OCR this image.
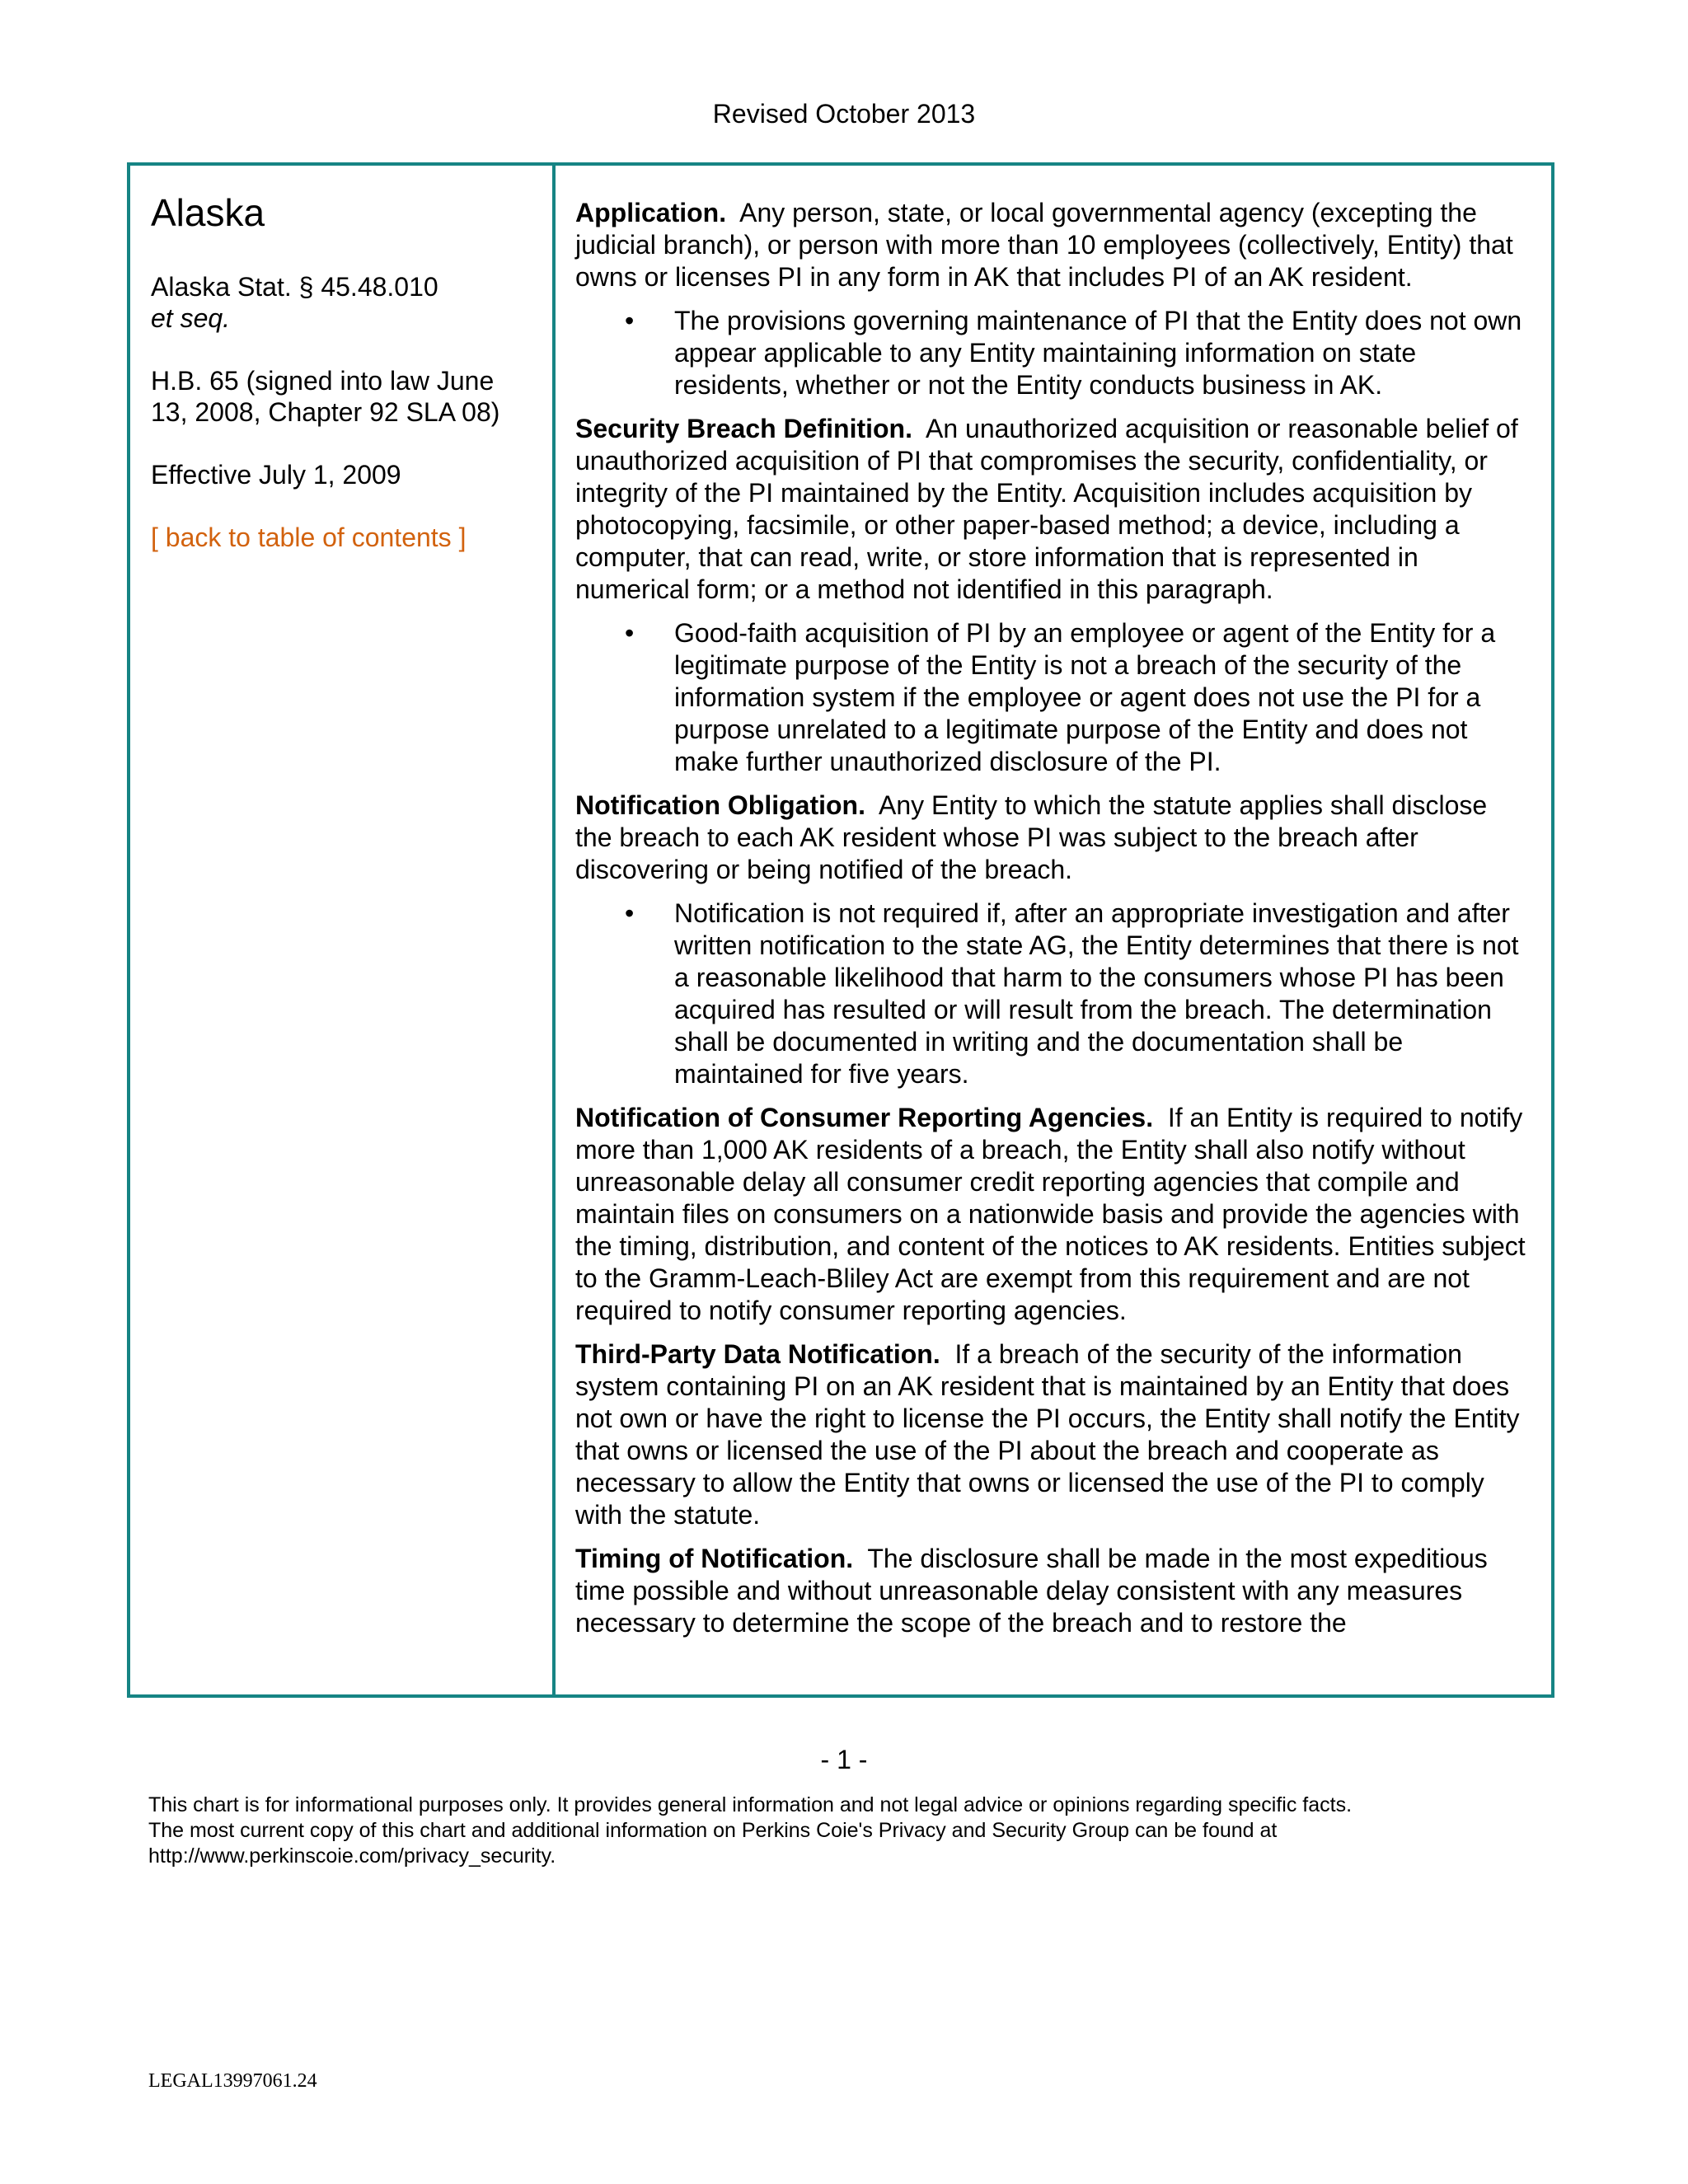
Revised October 2013
Alaska
Alaska Stat. § 45.48.010
et seq.
H.B. 65 (signed into law June 13, 2008, Chapter 92 SLA 08)
Effective July 1, 2009
[ back to table of contents ]

Application. Any person, state, or local governmental agency (excepting the judicial branch), or person with more than 10 employees (collectively, Entity) that owns or licenses PI in any form in AK that includes PI of an AK resident.

• The provisions governing maintenance of PI that the Entity does not own appear applicable to any Entity maintaining information on state residents, whether or not the Entity conducts business in AK.

Security Breach Definition. An unauthorized acquisition or reasonable belief of unauthorized acquisition of PI that compromises the security, confidentiality, or integrity of the PI maintained by the Entity. Acquisition includes acquisition by photocopying, facsimile, or other paper-based method; a device, including a computer, that can read, write, or store information that is represented in numerical form; or a method not identified in this paragraph.

• Good-faith acquisition of PI by an employee or agent of the Entity for a legitimate purpose of the Entity is not a breach of the security of the information system if the employee or agent does not use the PI for a purpose unrelated to a legitimate purpose of the Entity and does not make further unauthorized disclosure of the PI.

Notification Obligation. Any Entity to which the statute applies shall disclose the breach to each AK resident whose PI was subject to the breach after discovering or being notified of the breach.

• Notification is not required if, after an appropriate investigation and after written notification to the state AG, the Entity determines that there is not a reasonable likelihood that harm to the consumers whose PI has been acquired has resulted or will result from the breach. The determination shall be documented in writing and the documentation shall be maintained for five years.

Notification of Consumer Reporting Agencies. If an Entity is required to notify more than 1,000 AK residents of a breach, the Entity shall also notify without unreasonable delay all consumer credit reporting agencies that compile and maintain files on consumers on a nationwide basis and provide the agencies with the timing, distribution, and content of the notices to AK residents. Entities subject to the Gramm-Leach-Bliley Act are exempt from this requirement and are not required to notify consumer reporting agencies.

Third-Party Data Notification. If a breach of the security of the information system containing PI on an AK resident that is maintained by an Entity that does not own or have the right to license the PI occurs, the Entity shall notify the Entity that owns or licensed the use of the PI about the breach and cooperate as necessary to allow the Entity that owns or licensed the use of the PI to comply with the statute.

Timing of Notification. The disclosure shall be made in the most expeditious time possible and without unreasonable delay consistent with any measures necessary to determine the scope of the breach and to restore the

- 1 -
This chart is for informational purposes only. It provides general information and not legal advice or opinions regarding specific facts.
The most current copy of this chart and additional information on Perkins Coie's Privacy and Security Group can be found at
http://www.perkinscoie.com/privacy_security.
LEGAL13997061.24
